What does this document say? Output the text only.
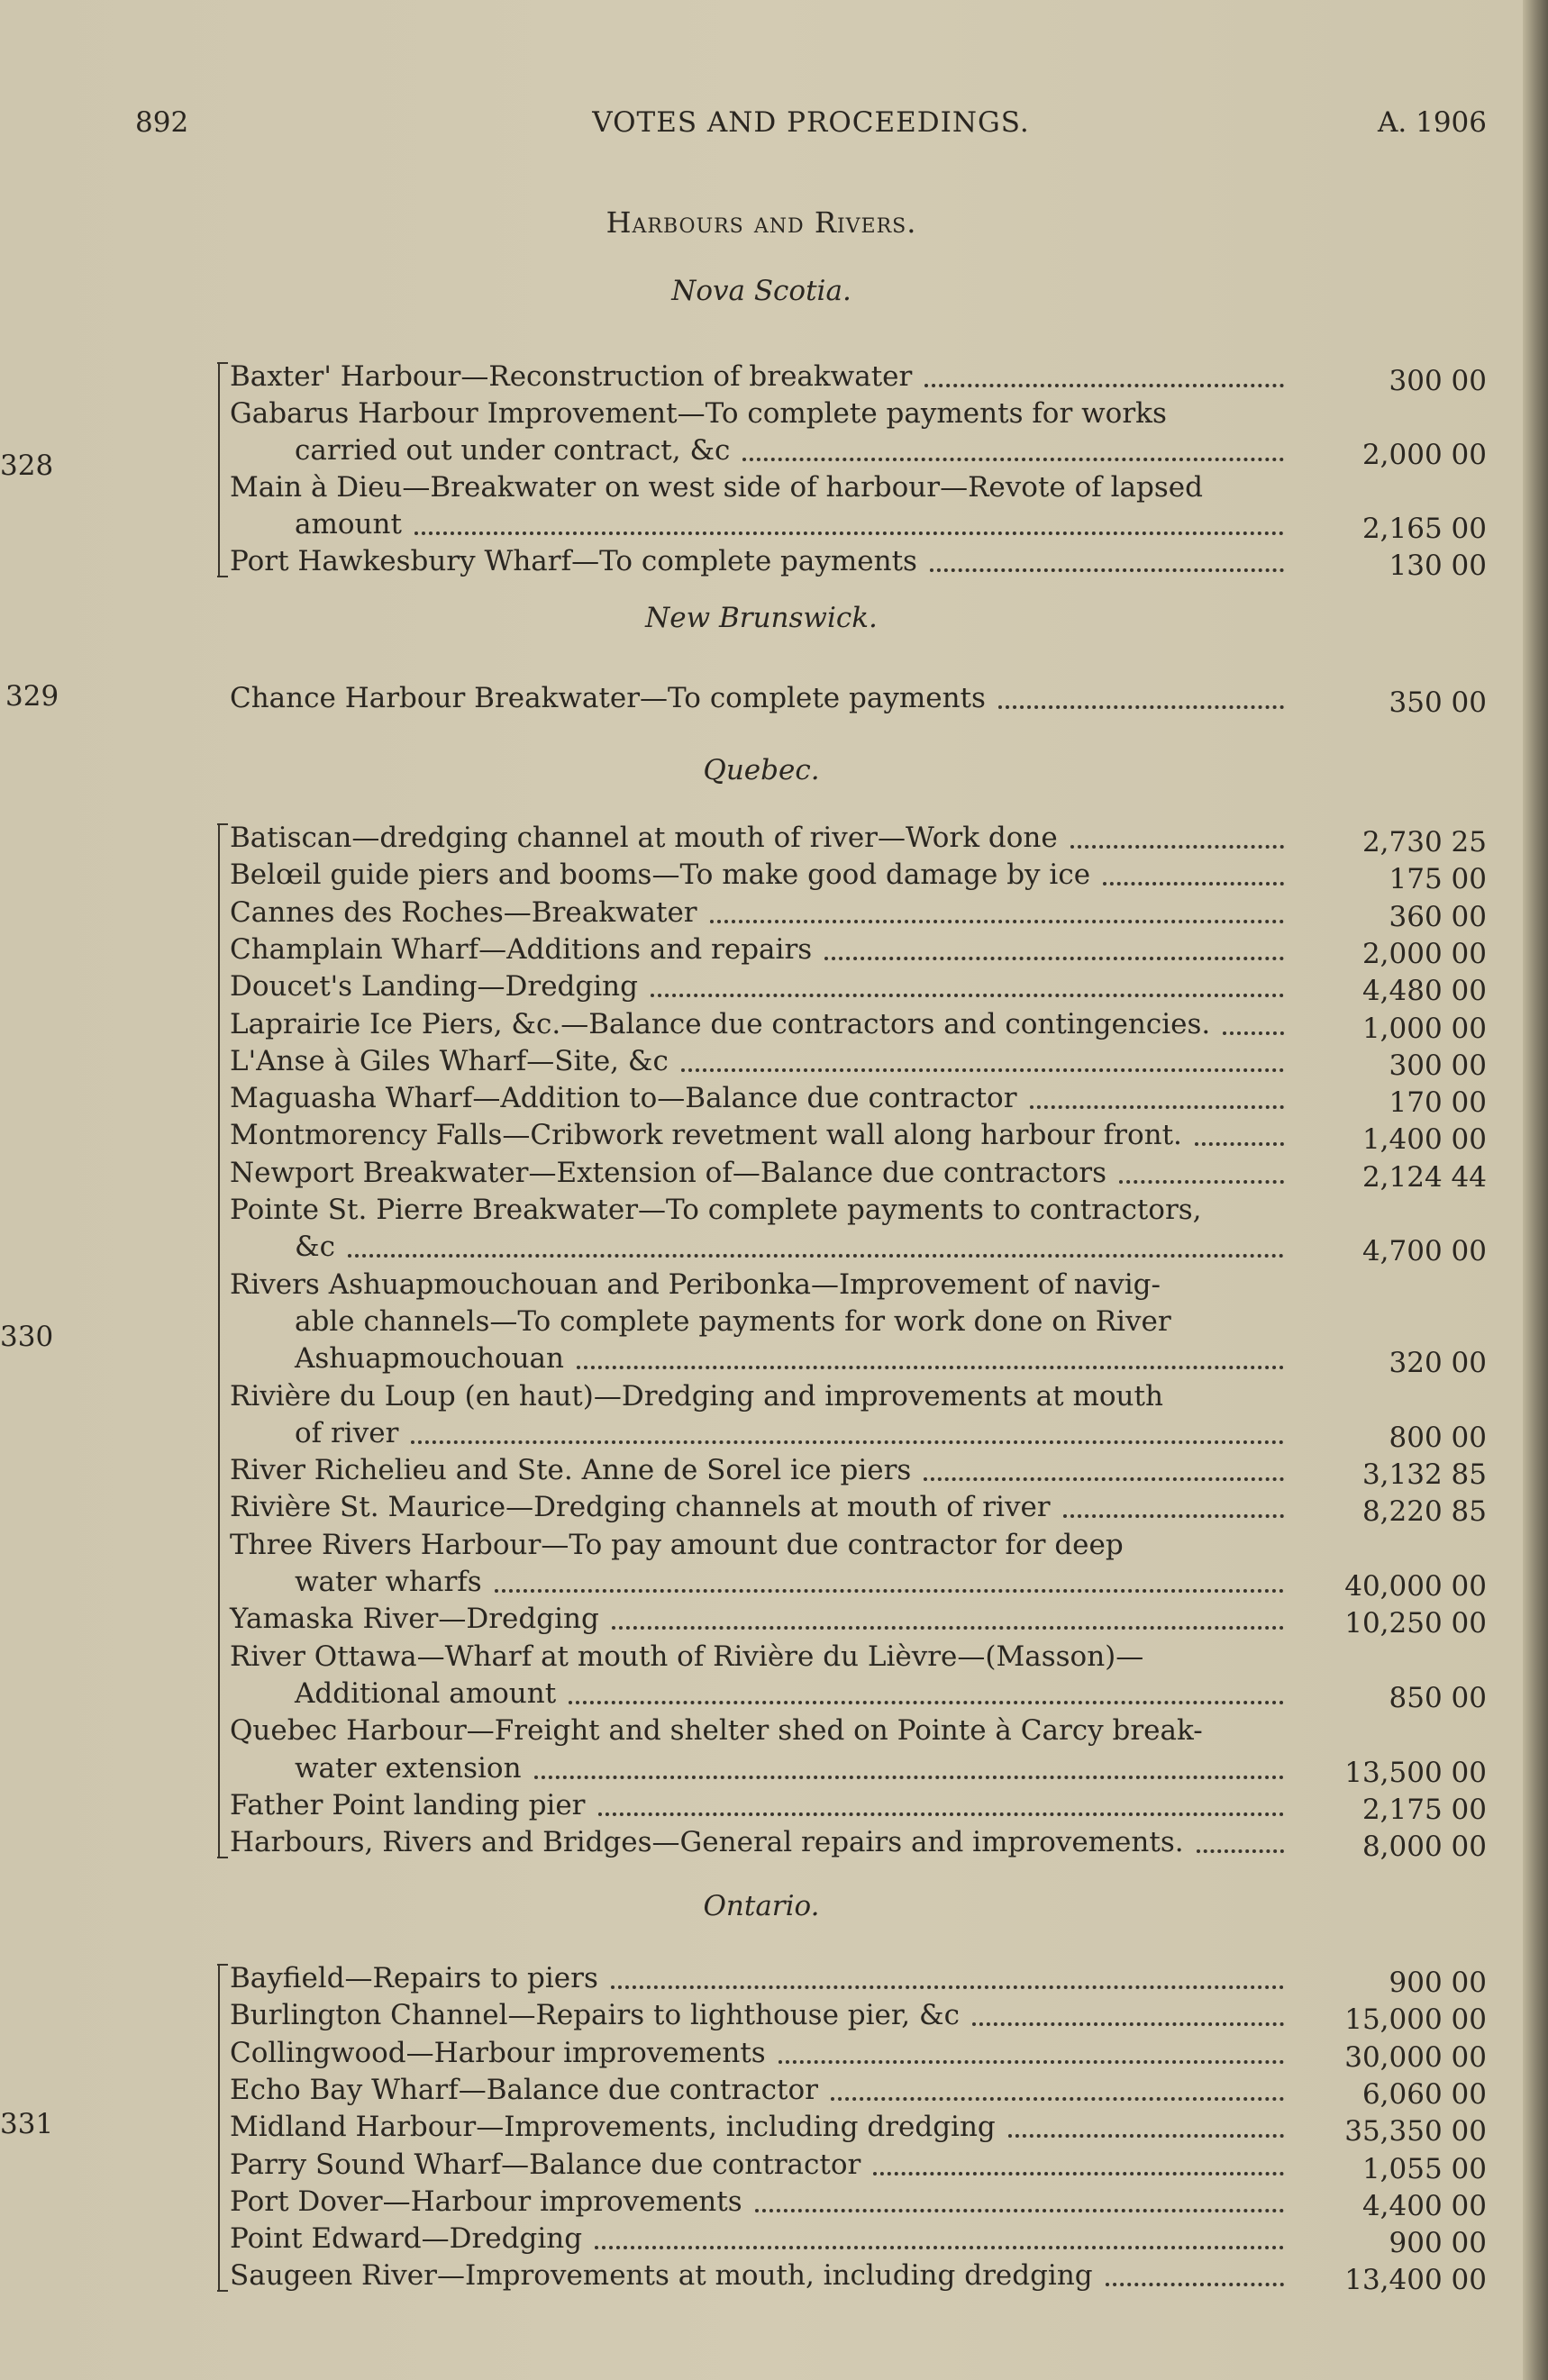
892	VOTES AND PROCEEDINGS.	A. 1906
Harbours and Rivers.
Nova Scotia.
328
Baxter' Harbour—Reconstruction of breakwater	300 00
Gabarus Harbour Improvement—To complete payments for works
carried out under contract, &c	2,000 00
Main à Dieu—Breakwater on west side of harbour—Revote of lapsed
amount	2,165 00
Port Hawkesbury Wharf—To complete payments	130 00
New Brunswick.
329	Chance Harbour Breakwater—To complete payments	350 00
Quebec.
330
Batiscan—dredging channel at mouth of river—Work done	2,730 25
Belœil guide piers and booms—To make good damage by ice	175 00
Cannes des Roches—Breakwater	360 00
Champlain Wharf—Additions and repairs	2,000 00
Doucet's Landing—Dredging	4,480 00
Laprairie Ice Piers, &c.—Balance due contractors and contingencies.	1,000 00
L'Anse à Giles Wharf—Site, &c	300 00
Maguasha Wharf—Addition to—Balance due contractor	170 00
Montmorency Falls—Cribwork revetment wall along harbour front.	1,400 00
Newport Breakwater—Extension of—Balance due contractors	2,124 44
Pointe St. Pierre Breakwater—To complete payments to contractors,
&c	4,700 00
Rivers Ashuapmouchouan and Peribonka—Improvement of navig-
able channels—To complete payments for work done on River
Ashuapmouchouan	320 00
Rivière du Loup (en haut)—Dredging and improvements at mouth
of river	800 00
River Richelieu and Ste. Anne de Sorel ice piers	3,132 85
Rivière St. Maurice—Dredging channels at mouth of river	8,220 85
Three Rivers Harbour—To pay amount due contractor for deep
water wharfs	40,000 00
Yamaska River—Dredging	10,250 00
River Ottawa—Wharf at mouth of Rivière du Lièvre—(Masson)—
Additional amount	850 00
Quebec Harbour—Freight and shelter shed on Pointe à Carcy break-
water extension	13,500 00
Father Point landing pier	2,175 00
Harbours, Rivers and Bridges—General repairs and improvements.	8,000 00
Ontario.
331
Bayfield—Repairs to piers	900 00
Burlington Channel—Repairs to lighthouse pier, &c	15,000 00
Collingwood—Harbour improvements	30,000 00
Echo Bay Wharf—Balance due contractor	6,060 00
Midland Harbour—Improvements, including dredging	35,350 00
Parry Sound Wharf—Balance due contractor	1,055 00
Port Dover—Harbour improvements	4,400 00
Point Edward—Dredging	900 00
Saugeen River—Improvements at mouth, including dredging	13,400 00
